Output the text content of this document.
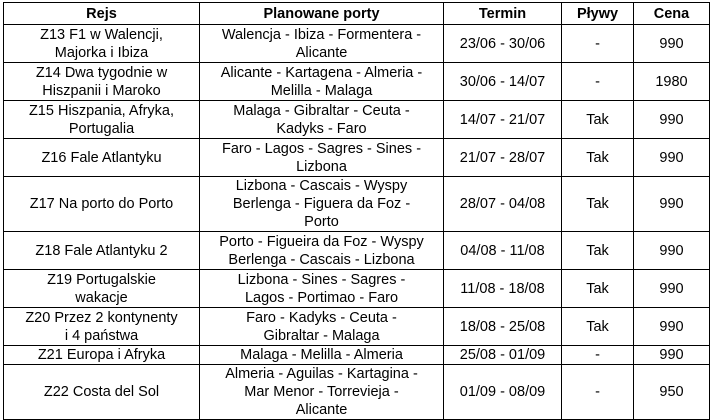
Rejs	Planowane porty	Termin	Pływy	Cena
Z13 F1 w Walencji,
Majorka i Ibiza	Walencja - Ibiza - Formentera -
Alicante	23/06 - 30/06	-	990
Z14 Dwa tygodnie w
Hiszpanii i Maroko	Alicante - Kartagena - Almeria -
Melilla - Malaga	30/06 - 14/07	-	1980
Z15 Hiszpania, Afryka,
Portugalia	Malaga - Gibraltar - Ceuta -
Kadyks - Faro	14/07 - 21/07	Tak	990
Z16 Fale Atlantyku	Faro - Lagos - Sagres - Sines -
Lizbona	21/07 - 28/07	Tak	990
Z17 Na porto do Porto	Lizbona - Cascais - Wyspy
Berlenga - Figuera da Foz -
Porto	28/07 - 04/08	Tak	990
Z18 Fale Atlantyku 2	Porto - Figueira da Foz - Wyspy
Berlenga - Cascais - Lizbona	04/08 - 11/08	Tak	990
Z19 Portugalskie
wakacje	Lizbona - Sines - Sagres -
Lagos - Portimao - Faro	11/08 - 18/08	Tak	990
Z20 Przez 2 kontynenty
i 4 państwa	Faro - Kadyks - Ceuta -
Gibraltar - Malaga	18/08 - 25/08	Tak	990
Z21 Europa i Afryka	Malaga - Melilla - Almeria	25/08 - 01/09	-	990
Z22 Costa del Sol	Almeria - Aguilas - Kartagina -
Mar Menor - Torrevieja -
Alicante	01/09 - 08/09	-	950
